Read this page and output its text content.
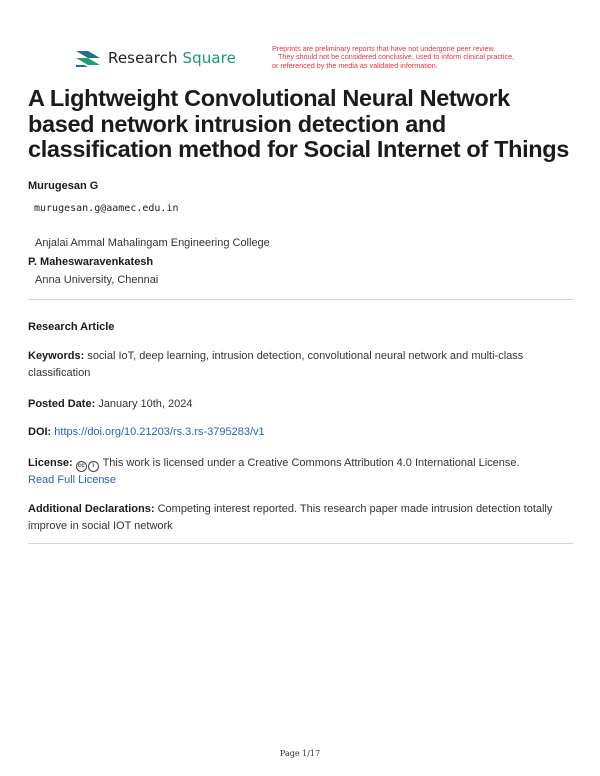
Research Square
Preprints are preliminary reports that have not undergone peer review.
They should not be considered conclusive, used to inform clinical practice,
or referenced by the media as validated information.
A Lightweight Convolutional Neural Network based network intrusion detection and classification method for Social Internet of Things
Murugesan G
murugesan.g@aamec.edu.in
Anjalai Ammal Mahalingam Engineering College
P. Maheswaravenkatesh
Anna University, Chennai
Research Article
Keywords: social IoT, deep learning, intrusion detection, convolutional neural network and multi-class classification
Posted Date: January 10th, 2024
DOI: https://doi.org/10.21203/rs.3.rs-3795283/v1
License: cc i This work is licensed under a Creative Commons Attribution 4.0 International License.
Read Full License
Additional Declarations: Competing interest reported. This research paper made intrusion detection totally improve in social IOT network
Page 1/17
